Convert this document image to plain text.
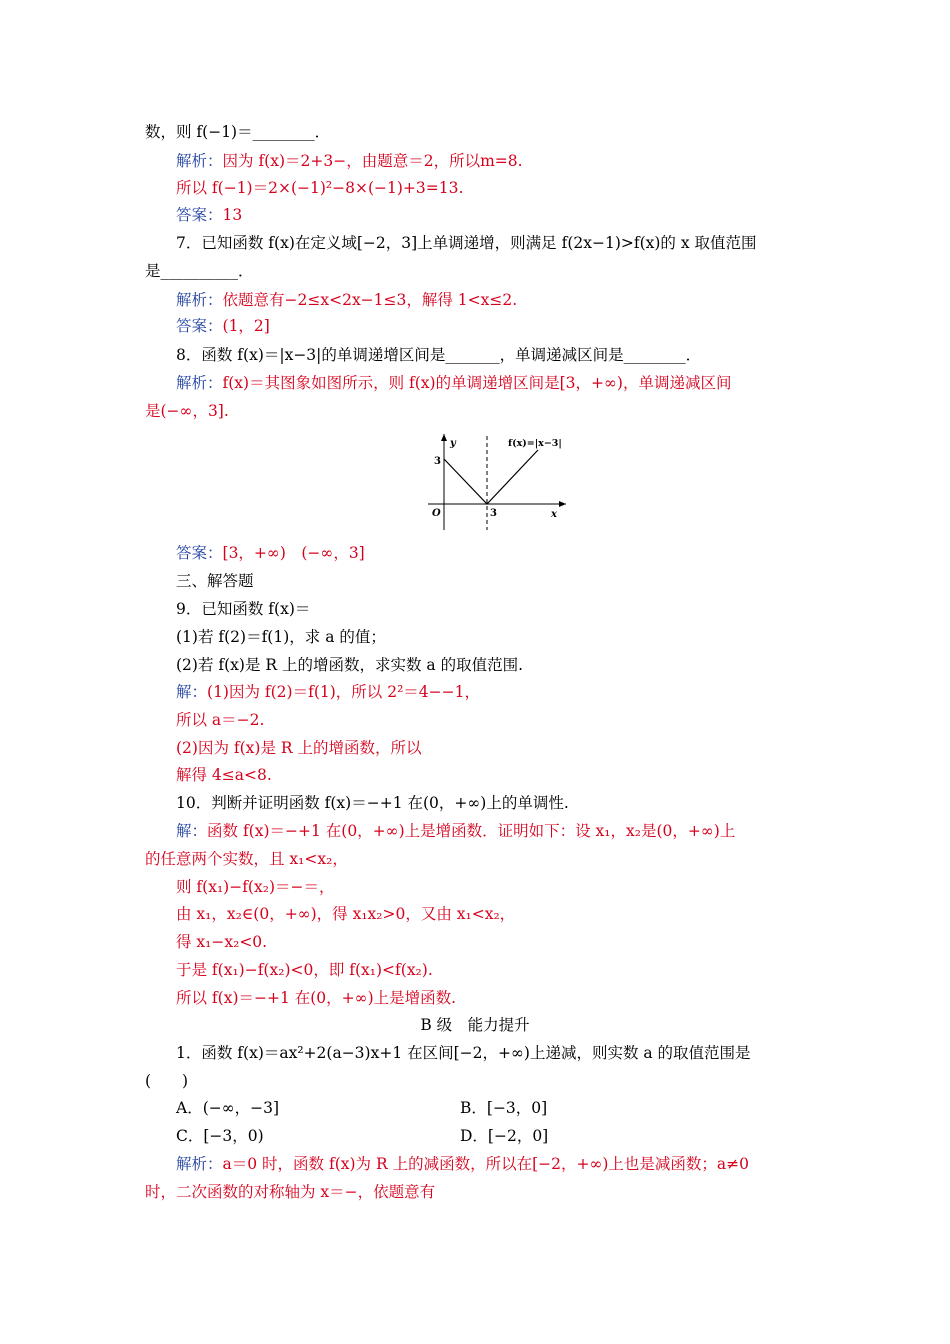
数，则 f(−1)＝________．
解析：因为 f(x)＝2+3−，由题意＝2，所以m=8.
所以 f(−1)＝2×(−1)²−8×(−1)+3=13.
答案：13
7．已知函数 f(x)在定义域[−2，3]上单调递增，则满足 f(2x−1)>f(x)的 x 取值范围
是__________．
解析：依题意有−2≤x<2x−1≤3，解得 1<x≤2.
答案：(1，2]
8．函数 f(x)＝|x−3|的单调递增区间是_______，单调递减区间是________．
解析：f(x)＝其图象如图所示，则 f(x)的单调递增区间是[3，+∞)，单调递减区间
是(−∞，3].
y
3
O	3	x
f(x)=|x−3|
答案：[3，+∞)　(−∞，3]
三、解答题
9．已知函数 f(x)＝
(1)若 f(2)＝f(1)，求 a 的值；
(2)若 f(x)是 R 上的增函数，求实数 a 的取值范围.
解：(1)因为 f(2)＝f(1)，所以 2²＝4−−1，
所以 a＝−2.
(2)因为 f(x)是 R 上的增函数，所以
解得 4≤a<8.
10．判断并证明函数 f(x)＝−+1 在(0，+∞)上的单调性.
解：函数 f(x)＝−+1 在(0，+∞)上是增函数．证明如下：设 x₁，x₂是(0，+∞)上
的任意两个实数，且 x₁<x₂，
则 f(x₁)−f(x₂)＝−＝，
由 x₁，x₂∈(0，+∞)，得 x₁x₂>0，又由 x₁<x₂，
得 x₁−x₂<0.
于是 f(x₁)−f(x₂)<0，即 f(x₁)<f(x₂).
所以 f(x)＝−+1 在(0，+∞)上是增函数.
B 级　能力提升
1．函数 f(x)＝ax²+2(a−3)x+1 在区间[−2，+∞)上递减，则实数 a 的取值范围是
(　　)
A．(−∞，−3]	B．[−3，0]
C．[−3，0)	D．[−2，0]
解析：a＝0 时，函数 f(x)为 R 上的减函数，所以在[−2，+∞)上也是减函数；a≠0
时，二次函数的对称轴为 x＝−，依题意有
